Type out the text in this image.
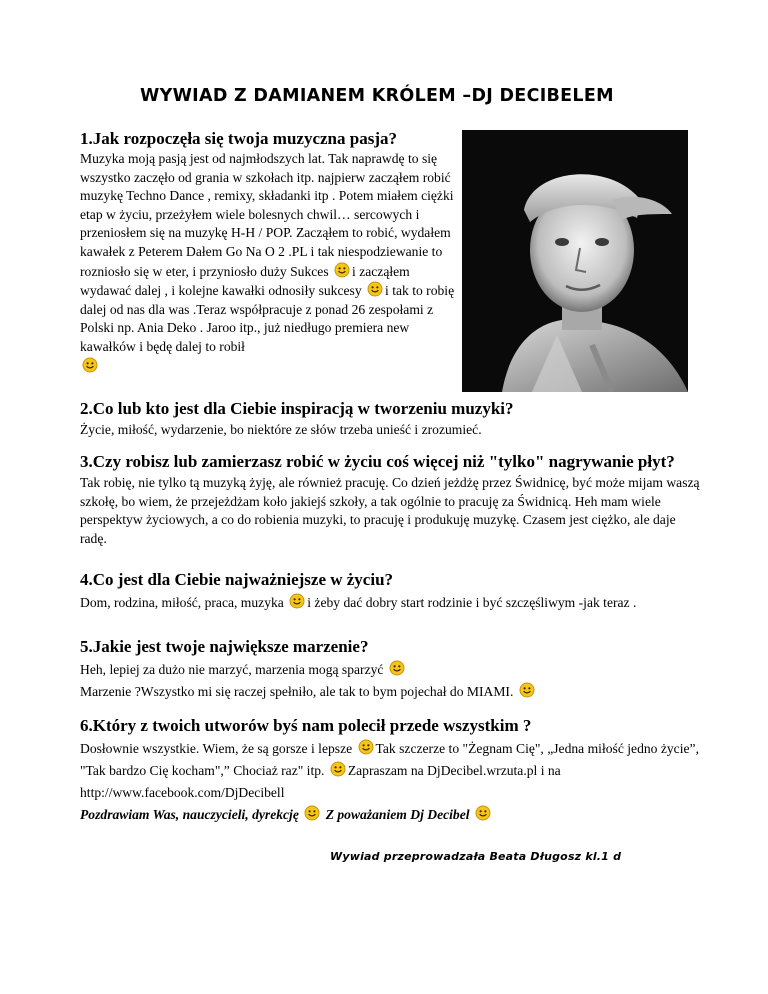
WYWIAD Z DAMIANEM KRÓLEM –DJ DECIBELEM

1.Jak rozpoczęła się twoja muzyczna pasja?

Muzyka moją pasją jest od najmłodszych lat. Tak naprawdę to się wszystko zaczęło od grania w szkołach itp. najpierw zacząłem robić muzykę Techno Dance , remixy, składanki itp . Potem miałem ciężki etap w życiu, przeżyłem wiele bolesnych chwil… sercowych i przeniosłem się na muzykę H-H / POP. Zacząłem to robić, wydałem kawałek z Peterem Dałem Go Na O 2 .PL i tak niespodziewanie to rozniosło się w eter, i przyniosło duży Sukces i zacząłem wydawać dalej , i kolejne kawałki odnosiły sukcesy i tak to robię dalej od nas dla was .Teraz współpracuje z ponad 26 zespołami z Polski np. Ania Deko . Jaroo itp., już niedługo premiera new kawałków i będę dalej to robił

2.Co lub kto jest dla Ciebie inspiracją w tworzeniu muzyki?

Życie, miłość, wydarzenie, bo niektóre ze słów trzeba unieść i zrozumieć.

3.Czy robisz lub zamierzasz robić w życiu coś więcej niż "tylko" nagrywanie płyt?

Tak robię, nie tylko tą muzyką żyję, ale również pracuję. Co dzień jeżdżę przez Świdnicę, być może mijam waszą szkołę, bo wiem, że przejeżdżam koło jakiejś szkoły, a tak ogólnie to pracuję za Świdnicą. Heh mam wiele perspektyw życiowych, a co do robienia muzyki, to pracuję i produkuję muzykę. Czasem jest ciężko, ale daje radę.

4.Co jest dla Ciebie najważniejsze w życiu?

Dom, rodzina, miłość, praca, muzyka i żeby dać dobry start rodzinie i być szczęśliwym -jak teraz .

5.Jakie jest twoje największe marzenie?

Heh, lepiej za dużo nie marzyć, marzenia mogą sparzyć
Marzenie ?Wszystko mi się raczej spełniło, ale tak to bym pojechał do MIAMI.

6.Który z twoich utworów byś nam polecił przede wszystkim ?

Dosłownie wszystkie. Wiem, że są gorsze i lepsze Tak szczerze to "Żegnam Cię", „Jedna miłość jedno życie”, "Tak bardzo Cię kocham",” Chociaż raz" itp. Zapraszam na DjDecibel.wrzuta.pl i na http://www.facebook.com/DjDecibell

Pozdrawiam Was, nauczycieli, dyrekcję Z poważaniem Dj Decibel

Wywiad przeprowadzała Beata Długosz kl.1 d
